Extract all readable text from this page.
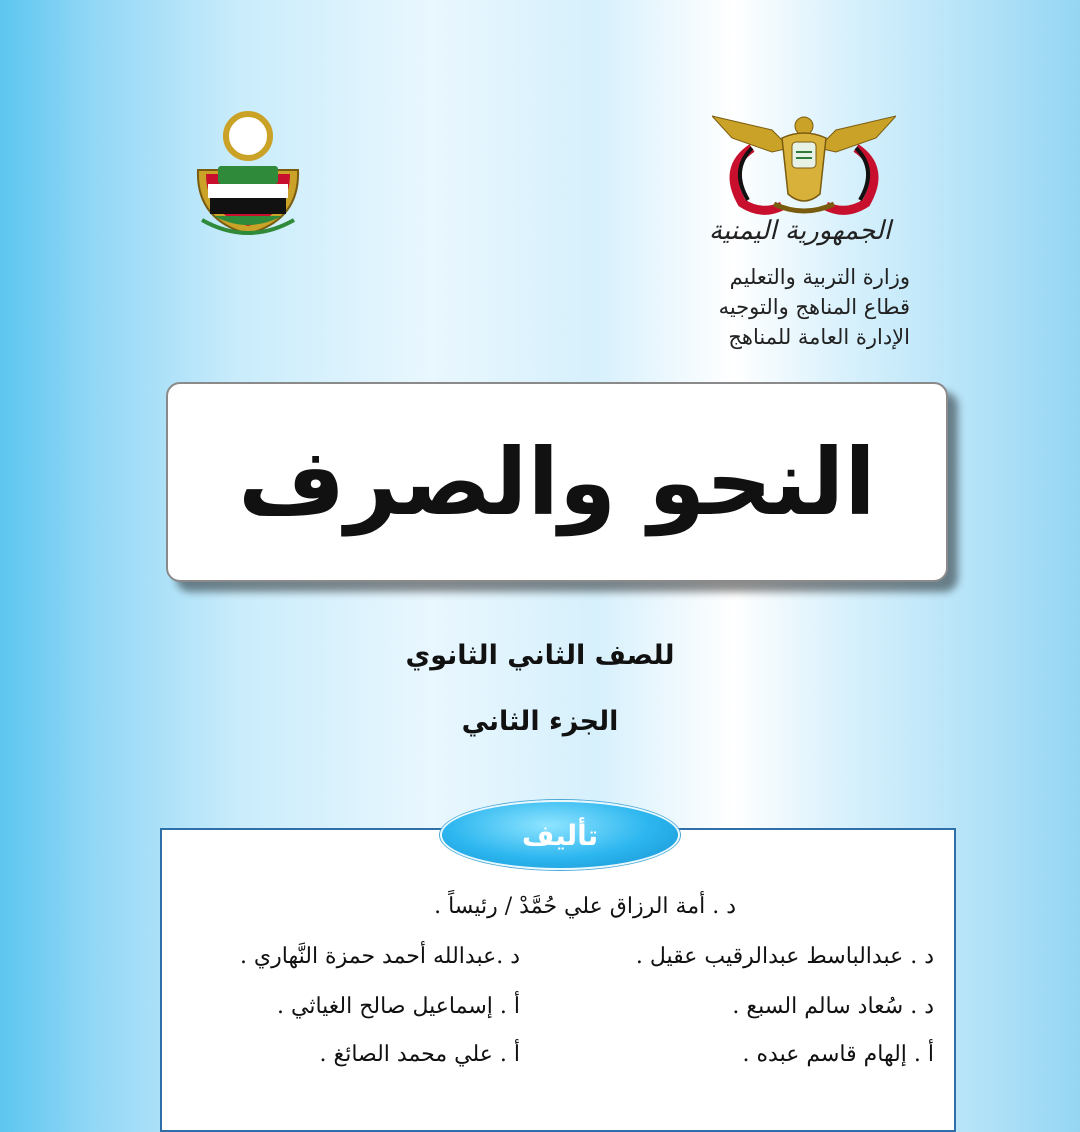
الجمهورية اليمنية
وزارة التربية والتعليم
قطاع المناهج والتوجيه
الإدارة العامة للمناهج
النحو والصرف
للصف الثاني الثانوي
الجزء الثاني
تأليف
د . أمة الرزاق علي حُمَّدْ / رئيساً .
د . عبدالباسط عبدالرقيب عقيل .
د . سُعاد سالم السبع .
أ . إلهام قاسم عبده .
د .عبدالله أحمد حمزة النَّهاري .
أ . إسماعيل صالح الغياثي .
أ . علي محمد الصائغ .
